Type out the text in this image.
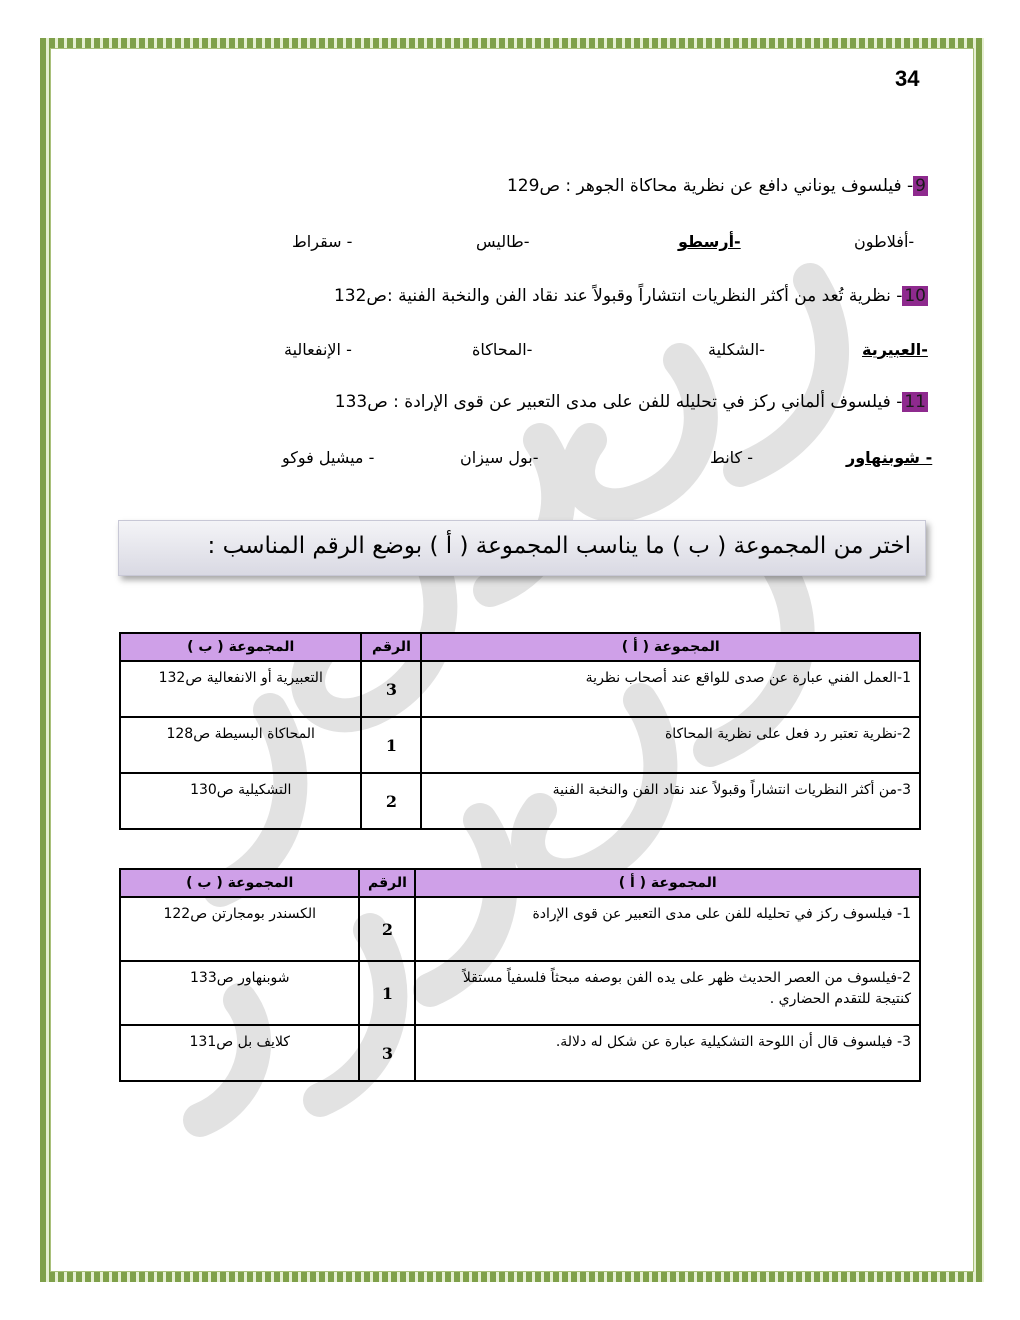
34
9- فيلسوف يوناني دافع عن نظرية محاكاة الجوهر : ص129
-أفلاطون
-أرسطو
-طاليس
- سقراط
10- نظرية تُعد من أكثر النظريات انتشاراً وقبولاً عند نقاد الفن والنخبة الفنية :ص132
-العبيرية
-الشكلية
-المحاكاة
- الإنفعالية
11- فيلسوف ألماني ركز في تحليله للفن على مدى التعبير عن قوى الإرادة : ص133
- شوبنهاور
- كانط
-بول سيزان
- ميشيل فوكو
اختر من المجموعة ( ب ) ما يناسب المجموعة ( أ ) بوضع الرقم المناسب :
المجموعة ( أ )	الرقم	المجموعة ( ب )
1-العمل الفني عبارة عن صدى للواقع عند أصحاب نظرية	3	التعبيرية أو الانفعالية ص132
2-نظرية تعتبر رد فعل على نظرية المحاكاة	1	المحاكاة البسيطة ص128
3-من أكثر النظريات انتشاراً وقبولاً عند نقاد الفن والنخبة الفنية	2	التشكيلية ص130
المجموعة ( أ )	الرقم	المجموعة ( ب )
1- فيلسوف ركز في تحليله للفن على مدى التعبير عن قوى الإرادة	2	الكسندر بومجارتن ص122
2-فيلسوف من العصر الحديث ظهر على يده الفن بوصفه مبحثاً فلسفياً مستقلاً كنتيجة للتقدم الحضاري .	1	شوبنهاور ص133
3- فيلسوف قال أن اللوحة التشكيلية عبارة عن شكل له دلالة.	3	كلايف بل ص131
